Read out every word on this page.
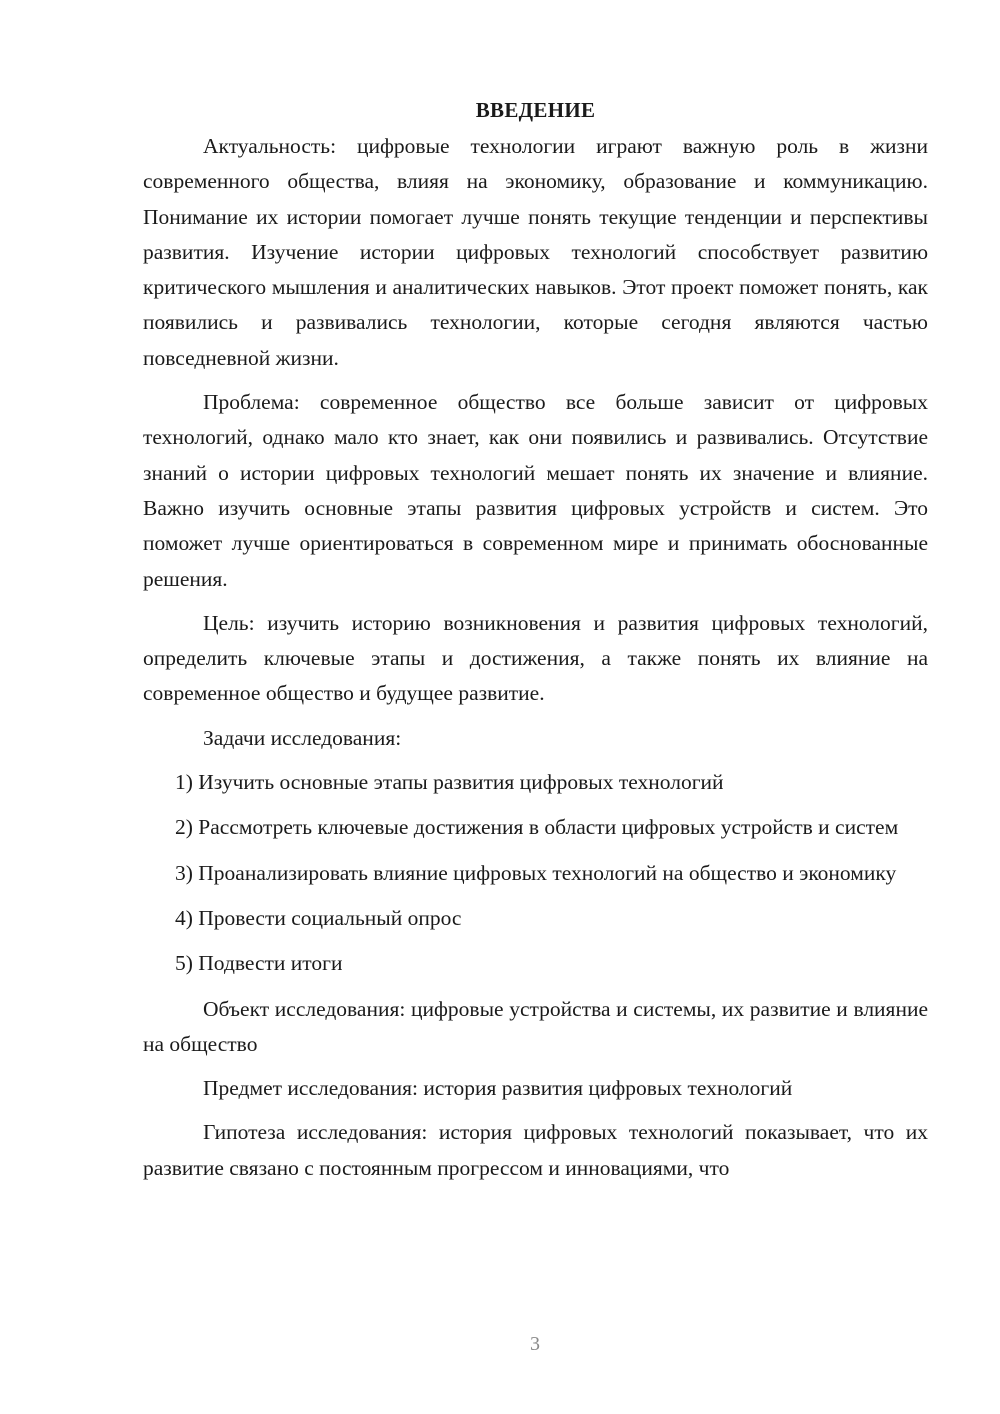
ВВЕДЕНИЕ

Актуальность: цифровые технологии играют важную роль в жизни современного общества, влияя на экономику, образование и коммуникацию. Понимание их истории помогает лучше понять текущие тенденции и перспективы развития. Изучение истории цифровых технологий способствует развитию критического мышления и аналитических навыков. Этот проект поможет понять, как появились и развивались технологии, которые сегодня являются частью повседневной жизни.

Проблема: современное общество все больше зависит от цифровых технологий, однако мало кто знает, как они появились и развивались. Отсутствие знаний о истории цифровых технологий мешает понять их значение и влияние. Важно изучить основные этапы развития цифровых устройств и систем. Это поможет лучше ориентироваться в современном мире и принимать обоснованные решения.

Цель: изучить историю возникновения и развития цифровых технологий, определить ключевые этапы и достижения, а также понять их влияние на современное общество и будущее развитие.

Задачи исследования:

1) Изучить основные этапы развития цифровых технологий

2) Рассмотреть ключевые достижения в области цифровых устройств и систем

3) Проанализировать влияние цифровых технологий на общество и экономику

4) Провести социальный опрос

5) Подвести итоги

Объект исследования: цифровые устройства и системы, их развитие и влияние на общество

Предмет исследования: история развития цифровых технологий

Гипотеза исследования: история цифровых технологий показывает, что их развитие связано с постоянным прогрессом и инновациями, что

3
